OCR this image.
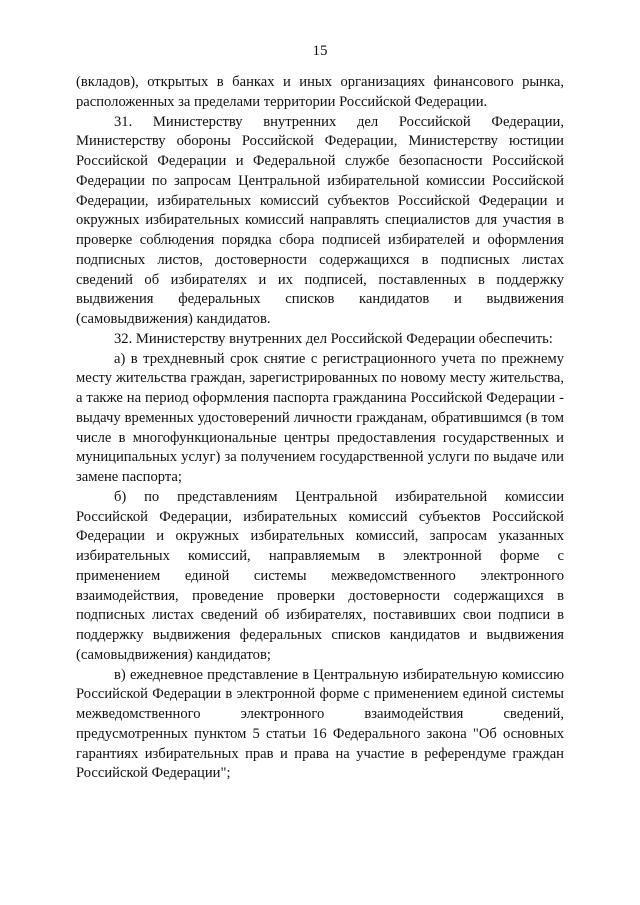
15

(вкладов), открытых в банках и иных организациях финансового рынка, расположенных за пределами территории Российской Федерации.

31. Министерству внутренних дел Российской Федерации, Министерству обороны Российской Федерации, Министерству юстиции Российской Федерации и Федеральной службе безопасности Российской Федерации по запросам Центральной избирательной комиссии Российской Федерации, избирательных комиссий субъектов Российской Федерации и окружных избирательных комиссий направлять специалистов для участия в проверке соблюдения порядка сбора подписей избирателей и оформления подписных листов, достоверности содержащихся в подписных листах сведений об избирателях и их подписей, поставленных в поддержку выдвижения федеральных списков кандидатов и выдвижения (самовыдвижения) кандидатов.

32. Министерству внутренних дел Российской Федерации обеспечить:

а) в трехдневный срок снятие с регистрационного учета по прежнему месту жительства граждан, зарегистрированных по новому месту жительства, а также на период оформления паспорта гражданина Российской Федерации - выдачу временных удостоверений личности гражданам, обратившимся (в том числе в многофункциональные центры предоставления государственных и муниципальных услуг) за получением государственной услуги по выдаче или замене паспорта;

б) по представлениям Центральной избирательной комиссии Российской Федерации, избирательных комиссий субъектов Российской Федерации и окружных избирательных комиссий, запросам указанных избирательных комиссий, направляемым в электронной форме с применением единой системы межведомственного электронного взаимодействия, проведение проверки достоверности содержащихся в подписных листах сведений об избирателях, поставивших свои подписи в поддержку выдвижения федеральных списков кандидатов и выдвижения (самовыдвижения) кандидатов;

в) ежедневное представление в Центральную избирательную комиссию Российской Федерации в электронной форме с применением единой системы межведомственного электронного взаимодействия сведений, предусмотренных пунктом 5 статьи 16 Федерального закона "Об основных гарантиях избирательных прав и права на участие в референдуме граждан Российской Федерации";
